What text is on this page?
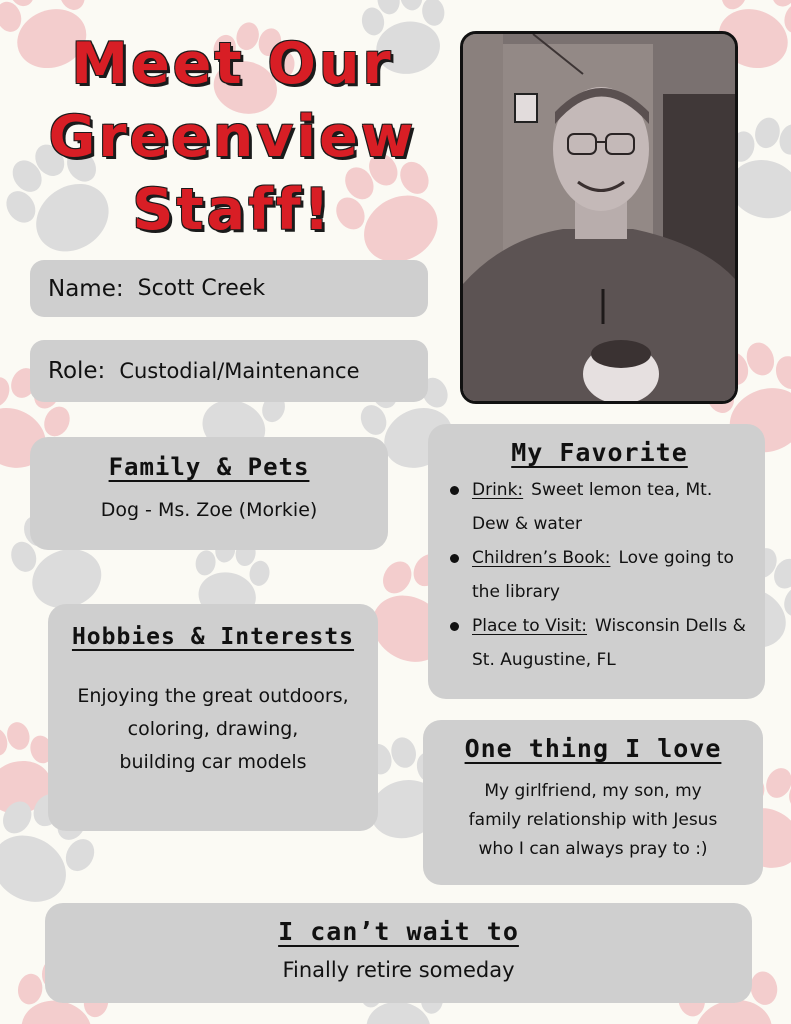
Meet Our
Greenview
Staff!
Name: Scott Creek
Role: Custodial/Maintenance
Family & Pets
Dog - Ms. Zoe (Morkie)
My Favorite
Drink: Sweet lemon tea, Mt. Dew & water
Children’s Book: Love going to the library
Place to Visit: Wisconsin Dells & St. Augustine, FL
Hobbies & Interests
Enjoying the great outdoors,
coloring, drawing,
building car models	One thing I love
My girlfriend, my son, my
family relationship with Jesus
who I can always pray to :)
I can’t wait to
Finally retire someday
